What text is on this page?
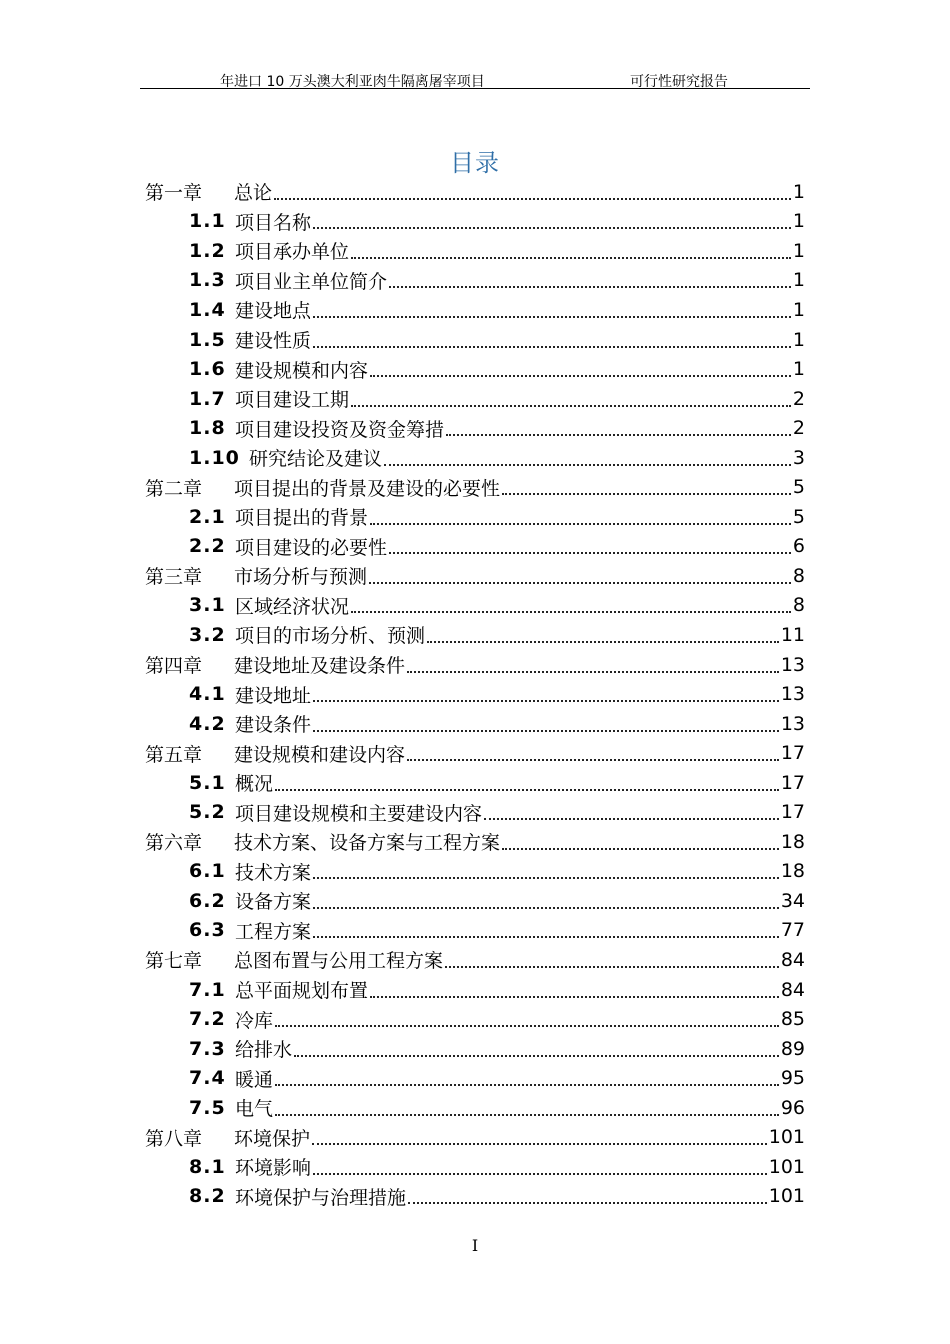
年进口 10 万头澳大利亚肉牛隔离屠宰项目	可行性研究报告
目录
第一章	总论	1
1.1 项目名称	1
1.2 项目承办单位	1
1.3 项目业主单位简介	1
1.4 建设地点	1
1.5 建设性质	1
1.6 建设规模和内容	1
1.7 项目建设工期	2
1.8 项目建设投资及资金筹措	2
1.10 研究结论及建议	3
第二章	项目提出的背景及建设的必要性	5
2.1 项目提出的背景	5
2.2 项目建设的必要性	6
第三章	市场分析与预测	8
3.1 区域经济状况	8
3.2 项目的市场分析、预测	11
第四章	建设地址及建设条件	13
4.1 建设地址	13
4.2 建设条件	13
第五章	建设规模和建设内容	17
5.1 概况	17
5.2 项目建设规模和主要建设内容	17
第六章	技术方案、设备方案与工程方案	18
6.1 技术方案	18
6.2 设备方案	34
6.3 工程方案	77
第七章	总图布置与公用工程方案	84
7.1 总平面规划布置	84
7.2 冷库	85
7.3 给排水	89
7.4 暖通	95
7.5 电气	96
第八章	环境保护	101
8.1 环境影响	101
8.2 环境保护与治理措施	101
I
